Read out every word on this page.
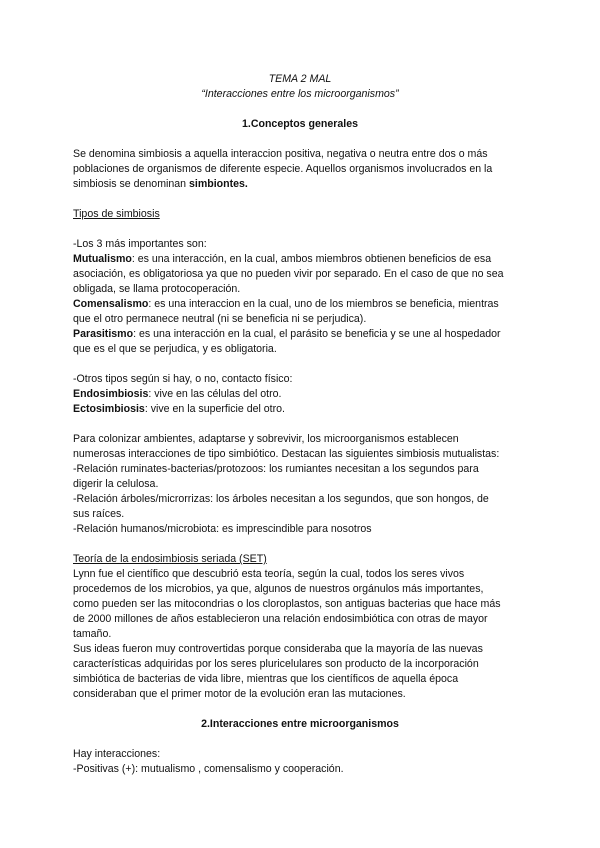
TEMA 2 MAL
“Interacciones entre los microorganismos”
1.Conceptos generales
Se denomina simbiosis a aquella interaccion positiva, negativa o neutra entre dos o más
poblaciones de organismos de diferente especie. Aquellos organismos involucrados en la
simbiosis se denominan simbiontes.
Tipos de simbiosis
-Los 3 más importantes son:
Mutualismo: es una interacción, en la cual, ambos miembros obtienen beneficios de esa
asociación, es obligatoriosa ya que no pueden vivir por separado. En el caso de que no sea
obligada, se llama protocoperación.
Comensalismo: es una interaccion en la cual, uno de los miembros se beneficia, mientras
que el otro permanece neutral (ni se beneficia ni se perjudica).
Parasitismo: es una interacción en la cual, el parásito se beneficia y se une al hospedador
que es el que se perjudica, y es obligatoria.
-Otros tipos según si hay, o no, contacto físico:
Endosimbiosis: vive en las células del otro.
Ectosimbiosis: vive en la superficie del otro.
Para colonizar ambientes, adaptarse y sobrevivir, los microorganismos establecen
numerosas interacciones de tipo simbiótico. Destacan las siguientes simbiosis mutualistas:
-Relación ruminates-bacterias/protozoos: los rumiantes necesitan a los segundos para
digerir la celulosa.
-Relación árboles/microrrizas: los árboles necesitan a los segundos, que son hongos, de
sus raíces.
-Relación humanos/microbiota: es imprescindible para nosotros
Teoría de la endosimbiosis seriada (SET)
Lynn fue el científico que descubrió esta teoría, según la cual, todos los seres vivos
procedemos de los microbios, ya que, algunos de nuestros orgánulos más importantes,
como pueden ser las mitocondrias o los cloroplastos, son antiguas bacterias que hace más
de 2000 millones de años establecieron una relación endosimbiótica con otras de mayor
tamaño.
Sus ideas fueron muy controvertidas porque consideraba que la mayoría de las nuevas
características adquiridas por los seres pluricelulares son producto de la incorporación
simbiótica de bacterias de vida libre, mientras que los científicos de aquella época
consideraban que el primer motor de la evolución eran las mutaciones.
2.Interacciones entre microorganismos
Hay interacciones:
-Positivas (+): mutualismo , comensalismo y cooperación.
